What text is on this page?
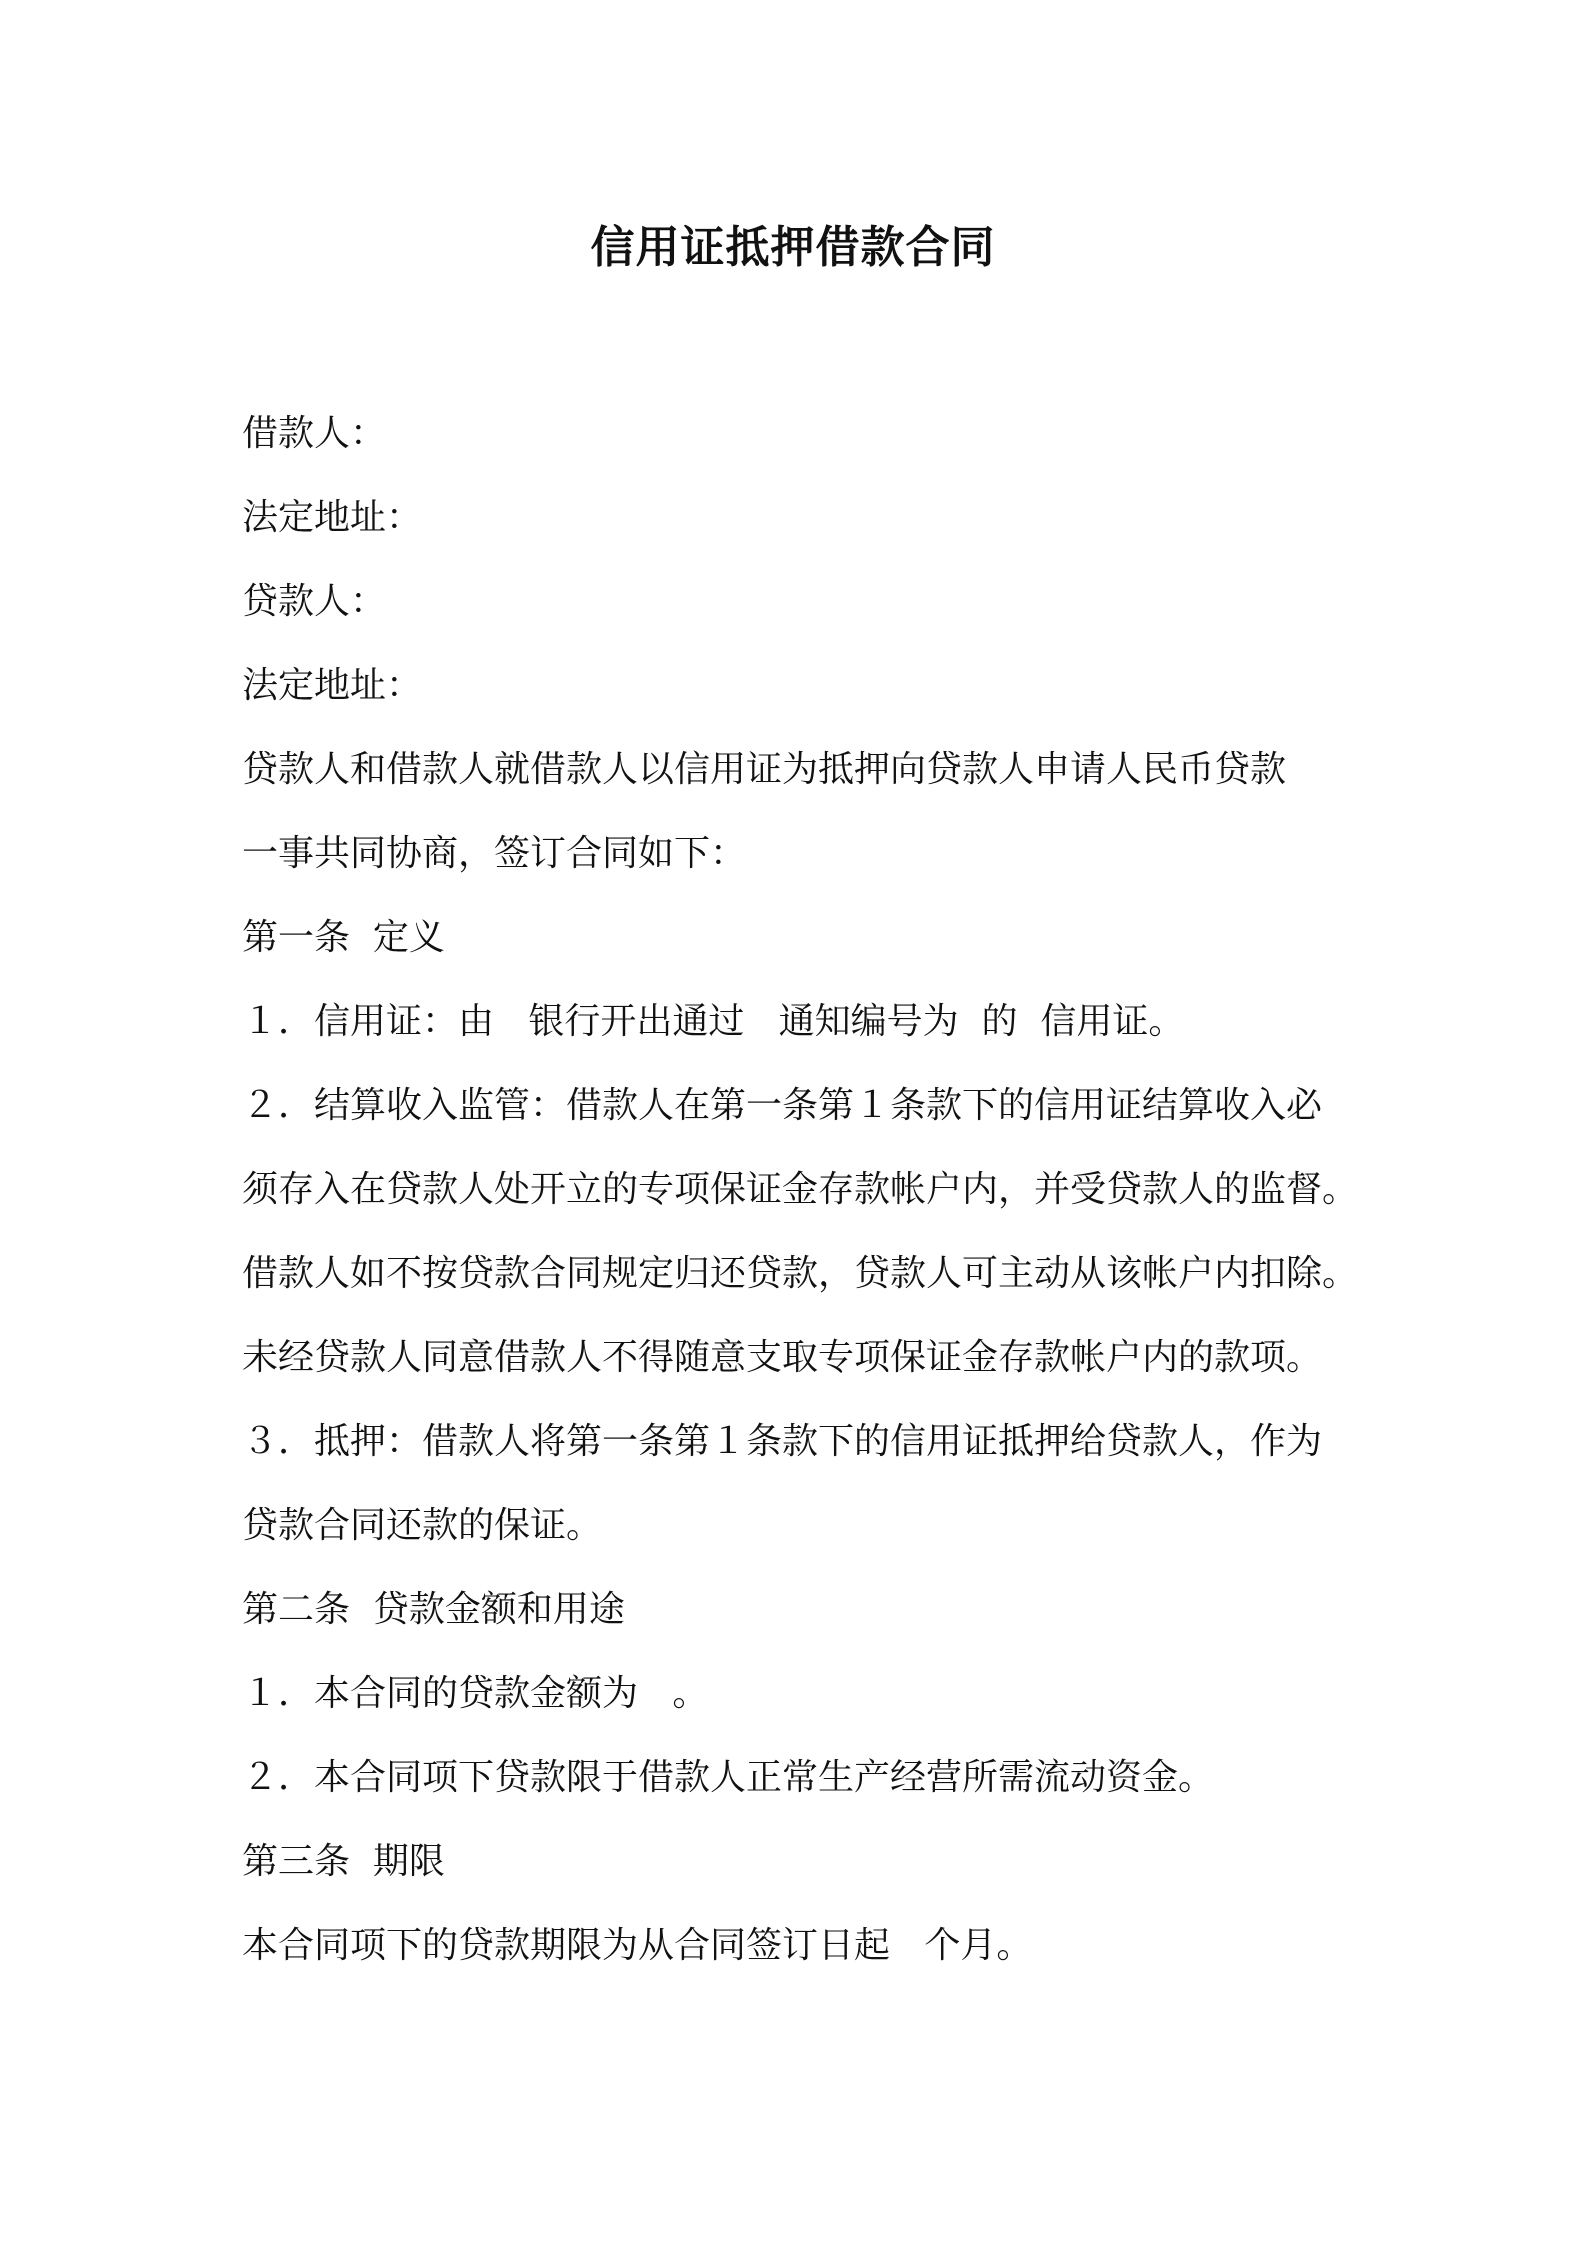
信用证抵押借款合同

借款人：

法定地址：

贷款人：

法定地址：

贷款人和借款人就借款人以信用证为抵押向贷款人申请人民币贷款

一事共同协商，签订合同如下：

第一条  定义

１．信用证：由   银行开出通过   通知编号为  的  信用证。

２．结算收入监管：借款人在第一条第１条款下的信用证结算收入必

须存入在贷款人处开立的专项保证金存款帐户内，并受贷款人的监督。

借款人如不按贷款合同规定归还贷款，贷款人可主动从该帐户内扣除。

未经贷款人同意借款人不得随意支取专项保证金存款帐户内的款项。

３．抵押：借款人将第一条第１条款下的信用证抵押给贷款人，作为

贷款合同还款的保证。

第二条  贷款金额和用途

１．本合同的贷款金额为   。

２．本合同项下贷款限于借款人正常生产经营所需流动资金。

第三条  期限

本合同项下的贷款期限为从合同签订日起   个月。
